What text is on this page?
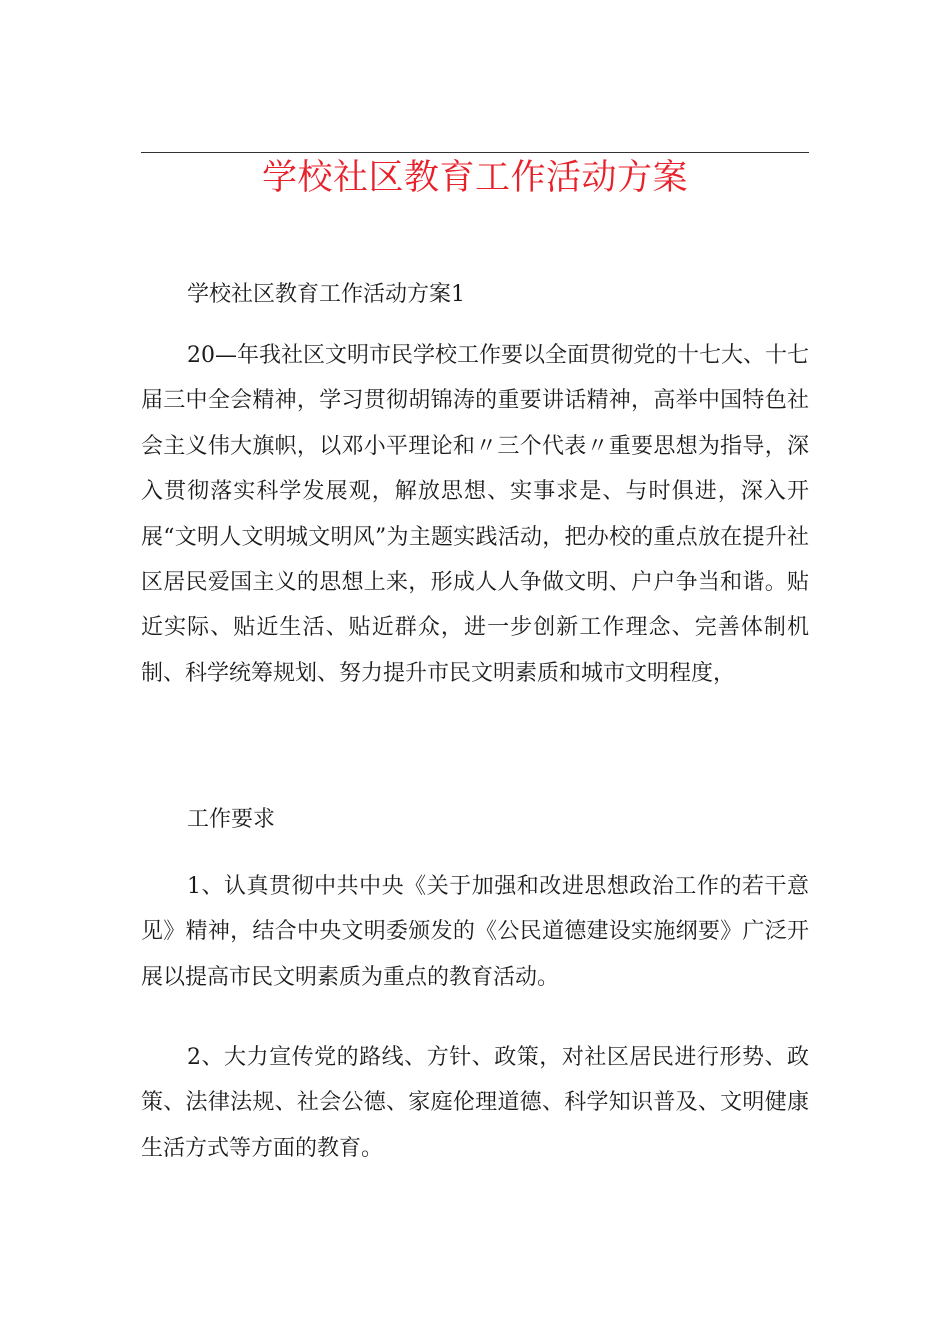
学校社区教育工作活动方案

学校社区教育工作活动方案1

20—年我社区文明市民学校工作要以全面贯彻党的十七大、十七届三中全会精神，学习贯彻胡锦涛的重要讲话精神，高举中国特色社会主义伟大旗帜，以邓小平理论和〃三个代表〃重要思想为指导，深入贯彻落实科学发展观，解放思想、实事求是、与时俱进，深入开展“文明人文明城文明风”为主题实践活动，把办校的重点放在提升社区居民爱国主义的思想上来，形成人人争做文明、户户争当和谐。贴近实际、贴近生活、贴近群众，进一步创新工作理念、完善体制机制、科学统筹规划、努力提升市民文明素质和城市文明程度，

工作要求

1、认真贯彻中共中央《关于加强和改进思想政治工作的若干意见》精神，结合中央文明委颁发的《公民道德建设实施纲要》广泛开展以提高市民文明素质为重点的教育活动。

2、大力宣传党的路线、方针、政策，对社区居民进行形势、政策、法律法规、社会公德、家庭伦理道德、科学知识普及、文明健康生活方式等方面的教育。
